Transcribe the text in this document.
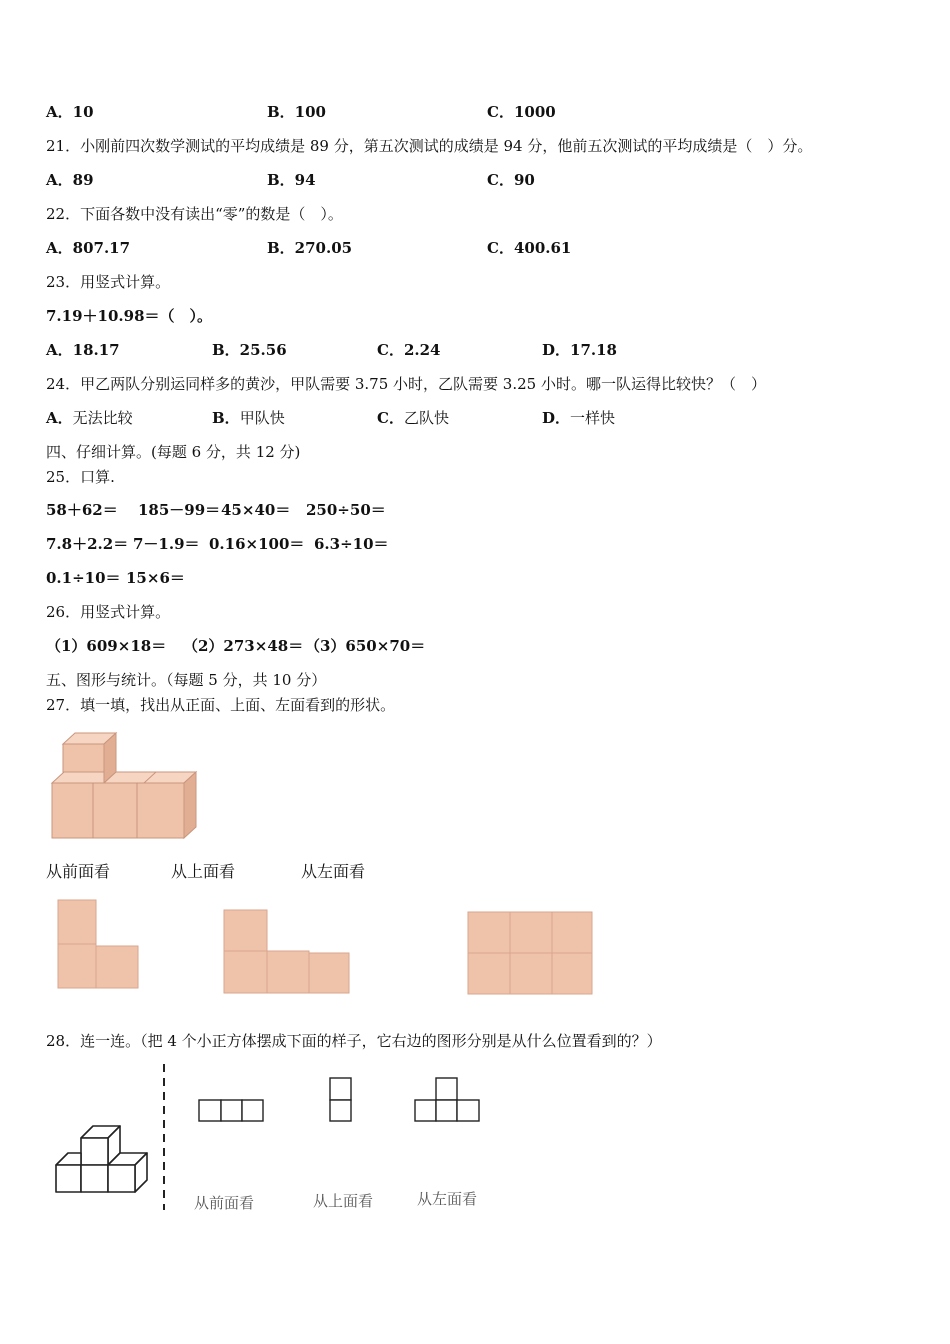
A．10	B．100	C．1000
21．小刚前四次数学测试的平均成绩是 89 分，第五次测试的成绩是 94 分，他前五次测试的平均成绩是（　）分。
A．89	B．94	C．90
22．下面各数中没有读出“零”的数是（　）。
A．807.17	B．270.05	C．400.61
23．用竖式计算。
7.19＋10.98＝（　）。
A．18.17	B．25.56	C．2.24	D．17.18
24．甲乙两队分别运同样多的黄沙，甲队需要 3.75 小时，乙队需要 3.25 小时。哪一队运得比较快？（　）
A．无法比较	B．甲队快	C．乙队快	D．一样快
四、仔细计算。(每题 6 分，共 12 分)
25．口算.
58＋62＝ 185－99＝ 45×40＝ 250÷50＝
7.8＋2.2＝ 7－1.9＝ 0.16×100＝ 6.3÷10＝
0.1÷10＝ 15×6＝
26．用竖式计算。
（1）609×18＝ （2）273×48＝ （3）650×70＝
五、图形与统计。（每题 5 分，共 10 分）
27．填一填，找出从正面、上面、左面看到的形状。
从前面看	从上面看	从左面看
28．连一连。（把 4 个小正方体摆成下面的样子，它右边的图形分别是从什么位置看到的？）
从前面看	从上面看	从左面看
